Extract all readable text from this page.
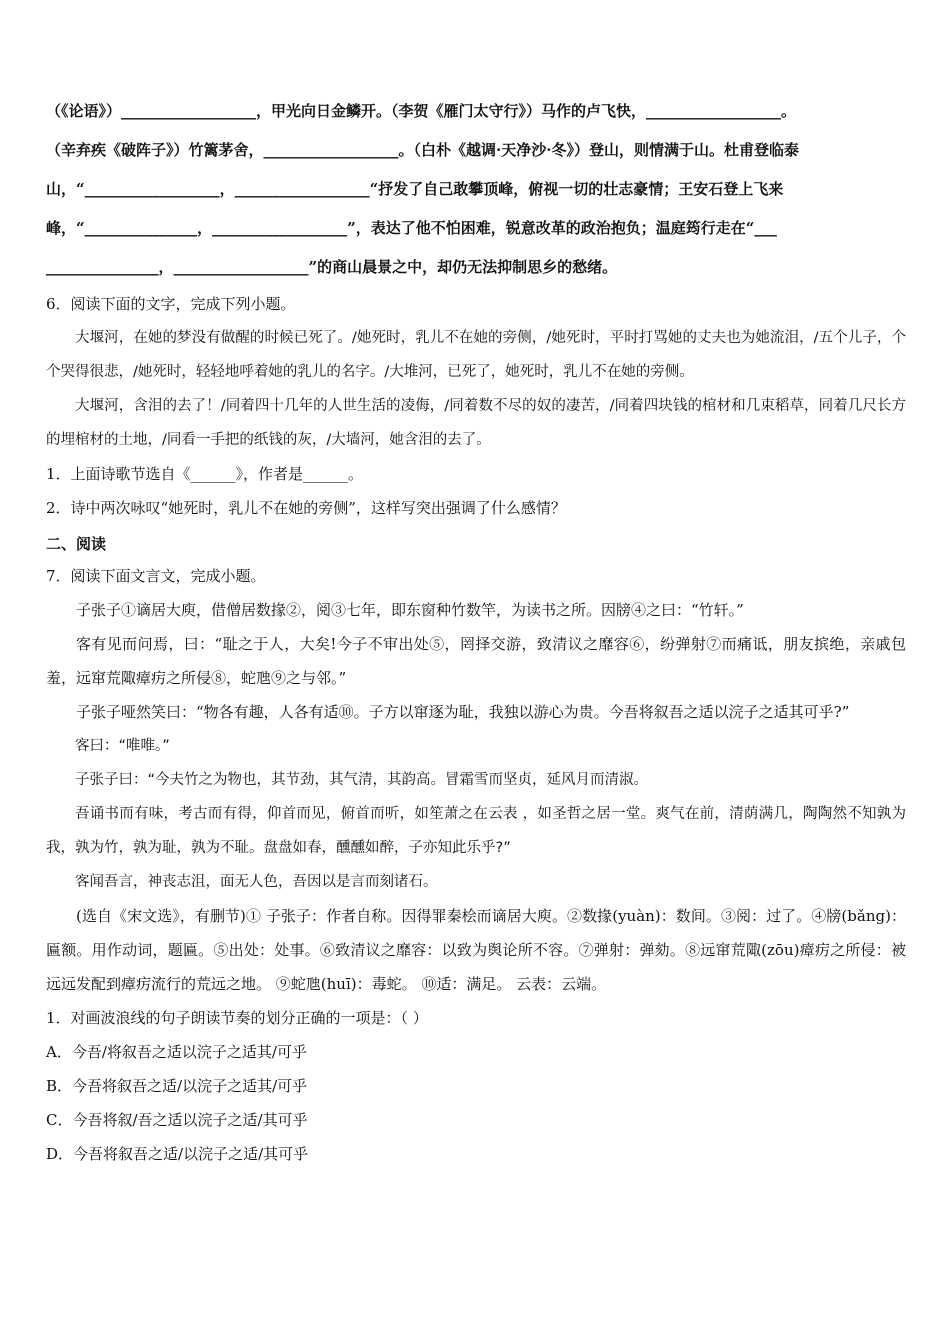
（《论语》）__________________，甲光向日金鳞开。（李贺《雁门太守行》）马作的卢飞快，__________________。
（辛弃疾《破阵子》）竹篱茅舍，__________________。（白朴《越调·天净沙·冬》）登山，则情满于山。杜甫登临泰
山，“__________________，__________________“抒发了自己敢攀顶峰，俯视一切的壮志豪情；王安石登上飞来
峰，“_______________，__________________”，表达了他不怕困难，锐意改革的政治抱负；温庭筠行走在“___
_______________，__________________”的商山晨景之中，却仍无法抑制思乡的愁绪。
6．阅读下面的文字，完成下列小题。
大堰河，在她的梦没有做醒的时候已死了。/她死时，乳儿不在她的旁侧，/她死时，平时打骂她的丈夫也为她流泪，/五个儿子，个个哭得很悲，/她死时，轻轻地呼着她的乳儿的名字。/大堆河，已死了，她死时，乳儿不在她的旁侧。
大堰河，含泪的去了！/同着四十几年的人世生活的凌侮，/同着数不尽的奴的凄苦，/同着四块钱的棺材和几束稻草，同着几尺长方的埋棺材的土地，/同看一手把的纸钱的灰，/大墙河，她含泪的去了。
1．上面诗歌节选自《______》，作者是______。
2．诗中两次咏叹“她死时，乳儿不在她的旁侧”，这样写突出强调了什么感情？
二、阅读
7．阅读下面文言文，完成小题。
子张子①谪居大庾，借僧居数掾②，阅③七年，即东窗种竹数竿，为读书之所。因牓④之曰：“竹轩。”
客有见而问焉，曰：“耻之于人，大矣!今子不审出处⑤，罔择交游，致清议之靡容⑥，纷弹射⑦而痛诋，朋友摈绝，亲戚包羞，远窜荒陬瘴疠之所侵⑧，蛇虺⑨之与邻。”
子张子哑然笑曰：“物各有趣，人各有适⑩。子方以窜逐为耻，我独以游心为贵。今吾将叙吾之适以浣子之适其可乎?”
客曰：“唯唯。”
子张子曰：“今夫竹之为物也，其节劲，其气清，其韵高。冒霜雪而坚贞，延风月而清淑。
吾诵书而有味，考古而有得，仰首而见，俯首而听，如笙萧之在云表 ，如圣哲之居一堂。爽气在前，清荫满几，陶陶然不知孰为我，孰为竹，孰为耻，孰为不耻。盘盘如春，醺醺如醉，子亦知此乐乎?”
客闻吾言，神丧志沮，面无人色，吾因以是言而刻诸石。
(选自《宋文选》，有删节)① 子张子：作者自称。因得罪秦桧而谪居大庾。②数掾(yuàn)：数间。③阅：过了。④牓(bǎng)：匾额。用作动词，题匾。⑤出处：处事。⑥致清议之靡容：以致为舆论所不容。⑦弹射：弹劾。⑧远窜荒陬(zōu)瘴疠之所侵：被远远发配到瘴疠流行的荒远之地。 ⑨蛇虺(huī)：毒蛇。 ⑩适：满足。 云表：云端。
1．对画波浪线的句子朗读节奏的划分正确的一项是：（ ）
A．今吾/将叙吾之适以浣子之适其/可乎
B．今吾将叙吾之适/以浣子之适其/可乎
C．今吾将叙/吾之适以浣子之适/其可乎
D．今吾将叙吾之适/以浣子之适/其可乎
